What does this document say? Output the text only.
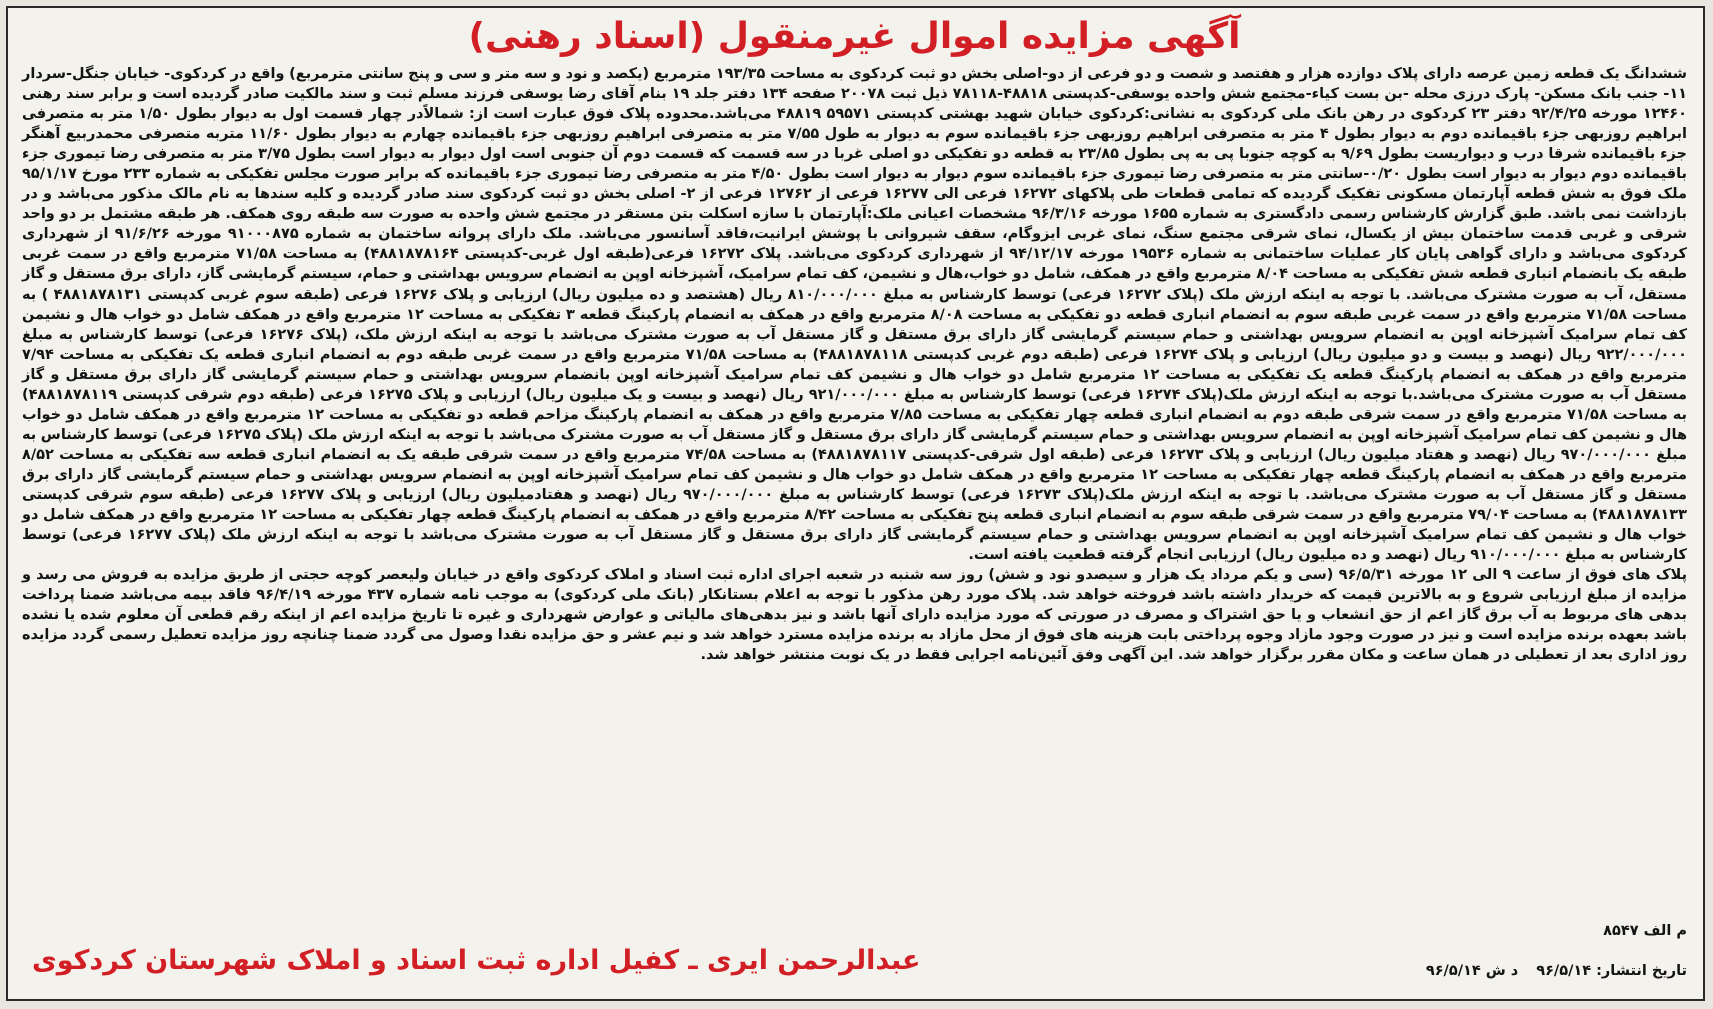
آگهی مزایده اموال غیرمنقول (اسناد رهنی)

ششدانگ یک قطعه زمین عرصه دارای پلاک دوازده هزار و هفتصد و شصت و دو فرعی از دو-اصلی بخش دو ثبت کردکوی به مساحت ۱۹۳/۳۵ مترمربع (یکصد و نود و سه متر و سی و پنج سانتی مترمربع) واقع در کردکوی- خیابان جنگل-سردار ۱۱- جنب بانک مسکن- پارک درزی محله -بن بست کیاء-مجتمع شش واحده یوسفی-کدپستی ۴۸۸۱۸-۷۸۱۱۸ ذیل ثبت ۲۰۰۷۸ صفحه ۱۳۴ دفتر جلد ۱۹ بنام آقای رضا یوسفی فرزند مسلم ثبت و سند مالکیت صادر گردیده است و برابر سند رهنی ۱۲۴۶۰ مورخه ۹۲/۴/۲۵ دفتر ۲۳ کردکوی در رهن بانک ملی کردکوی به نشانی:کردکوی خیابان شهید بهشتی کدپستی ۵۹۵۷۱ ۴۸۸۱۹ می‌باشد.محدوده پلاک فوق عبارت است از: شمالاًدر چهار قسمت اول به دیوار بطول ۱/۵۰ متر به متصرفی ابراهیم روزبهی جزء باقیمانده دوم به دیوار بطول ۴ متر به متصرفی ابراهیم روزبهی جزء باقیمانده سوم به دیوار به طول ۷/۵۵ متر به متصرفی ابراهیم روزبهی جزء باقیمانده چهارم به دیوار بطول ۱۱/۶۰ متربه متصرفی محمدربیع آهنگر جزء باقیمانده شرقا درب و دیواریست بطول ۹/۶۹ به کوچه جنوبا پی به پی بطول ۲۳/۸۵ به قطعه دو تفکیکی دو اصلی غربا در سه قسمت که قسمت دوم آن جنوبی است اول دیوار به دیوار است بطول ۳/۷۵ متر به متصرفی رضا تیموری جزء باقیمانده دوم دیوار به دیوار است بطول ۰/۲۰-سانتی متر به متصرفی رضا تیموری جزء باقیمانده سوم دیوار به دیوار است بطول ۴/۵۰ متر به متصرفی رضا تیموری جزء باقیمانده که برابر صورت مجلس تفکیکی به شماره ۲۳۳ مورخ ۹۵/۱/۱۷ ملک فوق به شش قطعه آپارتمان مسکونی تفکیک گردیده که تمامی قطعات طی پلاکهای ۱۶۲۷۲ فرعی الی ۱۶۲۷۷ فرعی از ۱۲۷۶۲ فرعی از ۲- اصلی بخش دو ثبت کردکوی سند صادر گردیده و کلیه سندها به نام مالک مذکور می‌باشد و در بازداشت نمی باشد. طبق گزارش کارشناس رسمی دادگستری به شماره ۱۶۵۵ مورخه ۹۶/۳/۱۶ مشخصات اعیانی ملک:آپارتمان با سازه اسکلت بتن مستقر در مجتمع شش واحده به صورت سه طبقه روی همکف. هر طبقه مشتمل بر دو واحد شرقی و غربی قدمت ساختمان بیش از یکسال، نمای شرقی مجتمع سنگ، نمای غربی ایزوگام، سقف شیروانی با پوشش ایرانیت،فاقد آسانسور می‌باشد. ملک دارای پروانه ساختمان به شماره ۹۱۰۰۰۸۷۵ مورخه ۹۱/۶/۲۶ از شهرداری کردکوی می‌باشد و دارای گواهی پایان کار عملیات ساختمانی به شماره ۱۹۵۳۶ مورخه ۹۴/۱۲/۱۷ از شهرداری کردکوی می‌باشد. پلاک ۱۶۲۷۲ فرعی(طبقه اول غربی-کدپستی ۴۸۸۱۸۷۸۱۶۴) به مساحت ۷۱/۵۸ مترمربع واقع در سمت غربی طبقه یک بانضمام انباری قطعه شش تفکیکی به مساحت ۸/۰۴ مترمربع واقع در همکف، شامل دو خواب،هال و نشیمن، کف تمام سرامیک، آشپزخانه اوپن به انضمام سرویس بهداشتی و حمام، سیستم گرمایشی گاز، دارای برق مستقل و گاز مستقل، آب به صورت مشترک می‌باشد. با توجه به اینکه ارزش ملک (پلاک ۱۶۲۷۲ فرعی) توسط کارشناس به مبلغ ۸۱۰/۰۰۰/۰۰۰ ریال (هشتصد و ده میلیون ریال) ارزیابی و پلاک ۱۶۲۷۶ فرعی (طبقه سوم غربی کدپستی ۴۸۸۱۸۷۸۱۳۱ ) به مساحت ۷۱/۵۸ مترمربع واقع در سمت غربی طبقه سوم به انضمام انباری قطعه دو تفکیکی به مساحت ۸/۰۸ مترمربع واقع در همکف به انضمام پارکینگ قطعه ۳ تفکیکی به مساحت ۱۲ مترمربع واقع در همکف شامل دو خواب هال و نشیمن کف تمام سرامیک آشپزخانه اوپن به انضمام سرویس بهداشتی و حمام سیستم گرمایشی گاز دارای برق مستقل و گاز مستقل آب به صورت مشترک می‌باشد با توجه به اینکه ارزش ملک، (پلاک ۱۶۲۷۶ فرعی) توسط کارشناس به مبلغ ۹۲۲/۰۰۰/۰۰۰ ریال (نهصد و بیست و دو میلیون ریال) ارزیابی و پلاک ۱۶۲۷۴ فرعی (طبقه دوم غربی کدپستی ۴۸۸۱۸۷۸۱۱۸) به مساحت ۷۱/۵۸ مترمربع واقع در سمت غربی طبقه دوم به انضمام انباری قطعه یک تفکیکی به مساحت ۷/۹۴ مترمربع واقع در همکف به انضمام پارکینگ قطعه یک تفکیکی به مساحت ۱۲ مترمربع شامل دو خواب هال و نشیمن کف تمام سرامیک آشپزخانه اوپن بانضمام سرویس بهداشتی و حمام سیستم گرمایشی گاز دارای برق مستقل و گاز مستقل آب به صورت مشترک می‌باشد.با توجه به اینکه ارزش ملک(پلاک ۱۶۲۷۴ فرعی) توسط کارشناس به مبلغ ۹۲۱/۰۰۰/۰۰۰ ریال (نهصد و بیست و یک میلیون ریال) ارزیابی و پلاک ۱۶۲۷۵ فرعی (طبقه دوم شرقی کدپستی ۴۸۸۱۸۷۸۱۱۹) به مساحت ۷۱/۵۸ مترمربع واقع در سمت شرقی طبقه دوم به انضمام انباری قطعه چهار تفکیکی به مساحت ۷/۸۵ مترمربع واقع در همکف به انضمام پارکینگ مزاحم قطعه دو تفکیکی به مساحت ۱۲ مترمربع واقع در همکف شامل دو خواب هال و نشیمن کف تمام سرامیک آشپزخانه اوپن به انضمام سرویس بهداشتی و حمام سیستم گرمایشی گاز دارای برق مستقل و گاز مستقل آب به صورت مشترک می‌باشد با توجه به اینکه ارزش ملک (پلاک ۱۶۲۷۵ فرعی) توسط کارشناس به مبلغ ۹۷۰/۰۰۰/۰۰۰ ریال (نهصد و هفتاد میلیون ریال) ارزیابی و پلاک ۱۶۲۷۳ فرعی (طبقه اول شرقی-کدپستی ۴۸۸۱۸۷۸۱۱۷) به مساحت ۷۴/۵۸ مترمربع واقع در سمت شرقی طبقه یک به انضمام انباری قطعه سه تفکیکی به مساحت ۸/۵۲ مترمربع واقع در همکف به انضمام پارکینگ قطعه چهار تفکیکی به مساحت ۱۲ مترمربع واقع در همکف شامل دو خواب هال و نشیمن کف تمام سرامیک آشپزخانه اوپن به انضمام سرویس بهداشتی و حمام سیستم گرمایشی گاز دارای برق مستقل و گاز مستقل آب به صورت مشترک می‌باشد. با توجه به اینکه ارزش ملک(پلاک ۱۶۲۷۳ فرعی) توسط کارشناس به مبلغ ۹۷۰/۰۰۰/۰۰۰ ریال (نهصد و هفتادمیلیون ریال) ارزیابی و پلاک ۱۶۲۷۷ فرعی (طبقه سوم شرقی کدپستی ۴۸۸۱۸۷۸۱۳۳) به مساحت ۷۹/۰۴ مترمربع واقع در سمت شرقی طبقه سوم به انضمام انباری قطعه پنج تفکیکی به مساحت ۸/۴۲ مترمربع واقع در همکف به انضمام پارکینگ قطعه چهار تفکیکی به مساحت ۱۲ مترمربع واقع در همکف شامل دو خواب هال و نشیمن کف تمام سرامیک آشپزخانه اوپن به انضمام سرویس بهداشتی و حمام سیستم گرمایشی گاز دارای برق مستقل و گاز مستقل آب به صورت مشترک می‌باشد با توجه به اینکه ارزش ملک (پلاک ۱۶۲۷۷ فرعی) توسط کارشناس به مبلغ ۹۱۰/۰۰۰/۰۰۰ ریال (نهصد و ده میلیون ریال) ارزیابی انجام گرفته قطعیت یافته است.

پلاک های فوق از ساعت ۹ الی ۱۲ مورخه ۹۶/۵/۳۱ (سی و یکم مرداد یک هزار و سیصدو نود و شش) روز سه شنبه در شعبه اجرای اداره ثبت اسناد و املاک کردکوی واقع در خیابان ولیعصر کوچه حجتی از طریق مزایده به فروش می رسد و مزایده از مبلغ ارزیابی شروع و به بالاترین قیمت که خریدار داشته باشد فروخته خواهد شد. پلاک مورد رهن مذکور با توجه به اعلام بستانکار (بانک ملی کردکوی) به موجب نامه شماره ۴۳۷ مورخه ۹۶/۴/۱۹ فاقد بیمه می‌باشد ضمنا پرداخت بدهی های مربوط به آب برق گاز اعم از حق انشعاب و یا حق اشتراک و مصرف در صورتی که مورد مزایده دارای آنها باشد و نیز بدهی‌های مالیاتی و عوارض شهرداری و غیره تا تاریخ مزایده اعم از اینکه رقم قطعی آن معلوم شده یا نشده باشد بعهده برنده مزایده است و نیز در صورت وجود مازاد وجوه پرداختی بابت هزینه های فوق از محل مازاد به برنده مزایده مسترد خواهد شد و نیم عشر و حق مزایده نقدا وصول می گردد ضمنا چنانچه روز مزایده تعطیل رسمی گردد مزایده روز اداری بعد از تعطیلی در همان ساعت و مکان مقرر برگزار خواهد شد. این آگهی وفق آئین‌نامه اجرایی فقط در یک نوبت منتشر خواهد شد.

م الف ۸۵۴۷
تاریخ انتشار: ۹۶/۵/۱۴د ش ۹۶/۵/۱۴
عبدالرحمن ایری ـ کفیل اداره ثبت اسناد و املاک شهرستان کردکوی
